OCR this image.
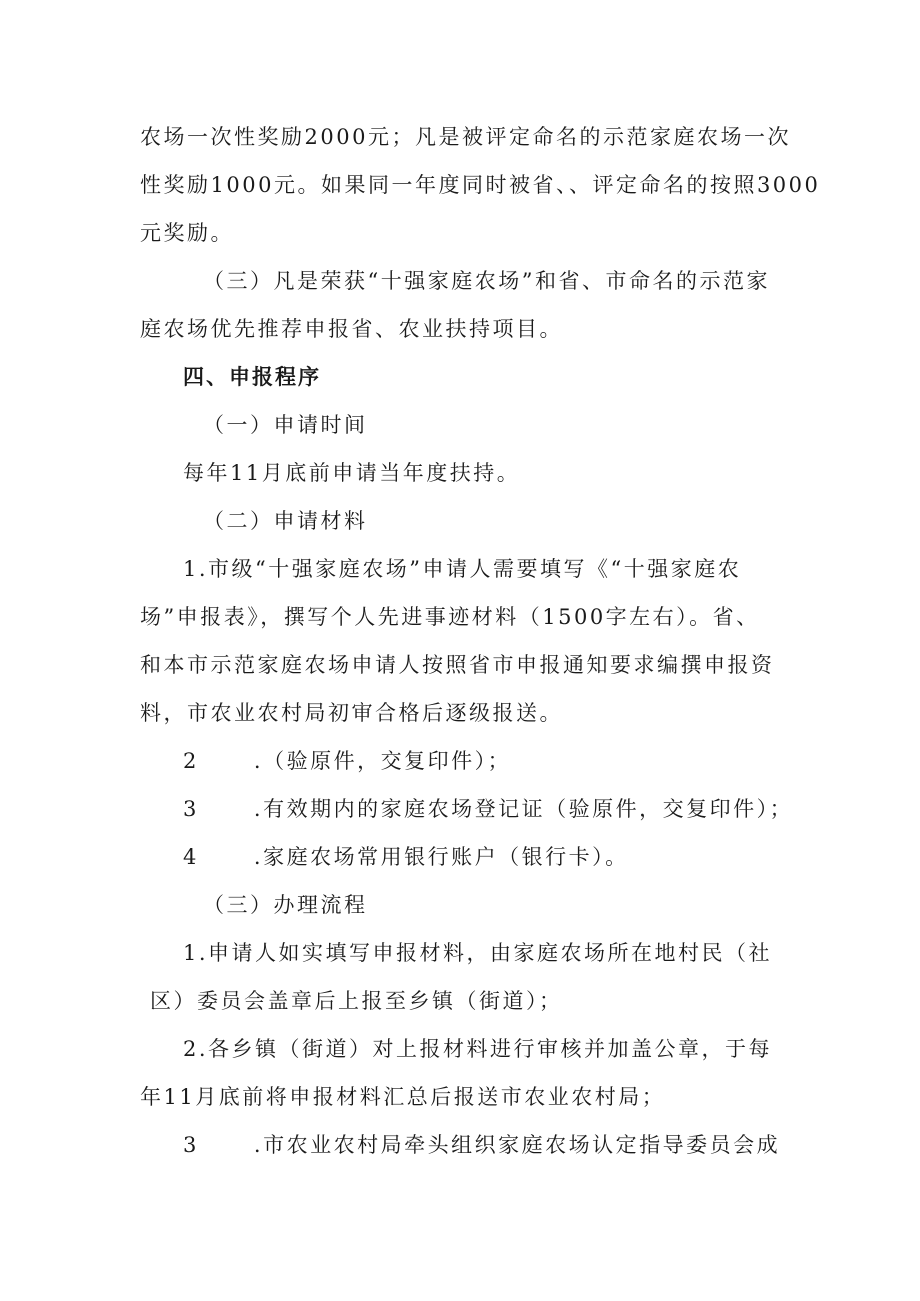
农场一次性奖励2000元；凡是被评定命名的示范家庭农场一次
性奖励1000元。如果同一年度同时被省、、评定命名的按照3000
元奖励。
（三）凡是荣获“十强家庭农场”和省、市命名的示范家
庭农场优先推荐申报省、农业扶持项目。
四、申报程序
（一）申请时间
每年11月底前申请当年度扶持。
（二）申请材料
1.市级“十强家庭农场”申请人需要填写《“十强家庭农
场”申报表》，撰写个人先进事迹材料（1500字左右）。省、
和本市示范家庭农场申请人按照省市申报通知要求编撰申报资
料，市农业农村局初审合格后逐级报送。
2      .（验原件，交复印件）；
3      .有效期内的家庭农场登记证（验原件，交复印件）；
4      .家庭农场常用银行账户（银行卡）。
（三）办理流程
1.申请人如实填写申报材料，由家庭农场所在地村民（社
区）委员会盖章后上报至乡镇（街道）；
2.各乡镇（街道）对上报材料进行审核并加盖公章，于每
年11月底前将申报材料汇总后报送市农业农村局；
3      .市农业农村局牵头组织家庭农场认定指导委员会成
